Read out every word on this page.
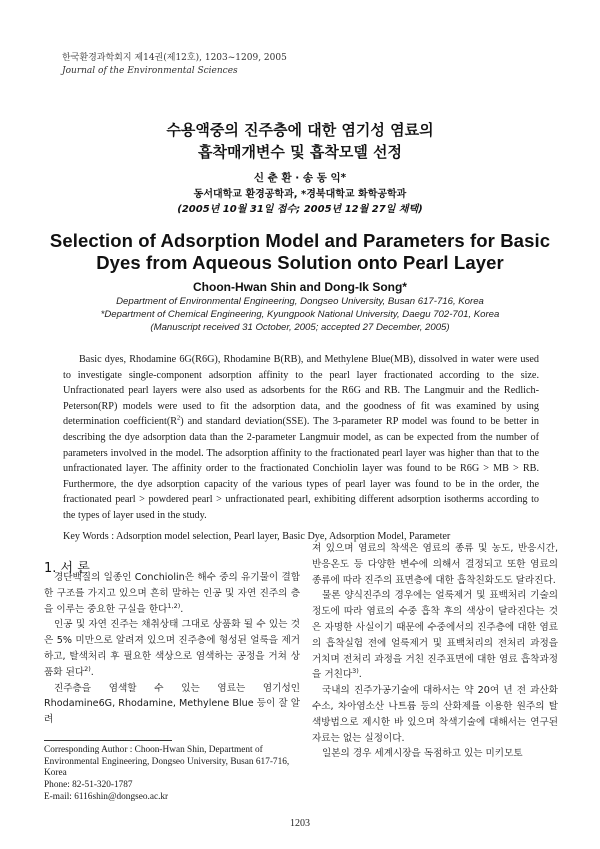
한국환경과학회지 제14권(제12호), 1203~1209, 2005
Journal of the Environmental Sciences
수용액중의 진주층에 대한 염기성 염료의
흡착매개변수 및 흡착모델 선정
신 춘 환 · 송 동 익*
동서대학교 환경공학과, *경북대학교 화학공학과
(2005년 10월 31일 접수; 2005년 12월 27일 채택)
Selection of Adsorption Model and Parameters for Basic
Dyes from Aqueous Solution onto Pearl Layer
Choon-Hwan Shin and Dong-Ik Song*
Department of Environmental Engineering, Dongseo University, Busan 617-716, Korea
*Department of Chemical Engineering, Kyungpook National University, Daegu 702-701, Korea
(Manuscript received 31 October, 2005; accepted 27 December, 2005)
Basic dyes, Rhodamine 6G(R6G), Rhodamine B(RB), and Methylene Blue(MB), dissolved in water were used to investigate single-component adsorption affinity to the pearl layer fractionated according to the size. Unfractionated pearl layers were also used as adsorbents for the R6G and RB. The Langmuir and the Redlich-Peterson(RP) models were used to fit the adsorption data, and the goodness of fit was examined by using determination $coefficient(R^2)$ and standard deviation(SSE). The 3-parameter RP model was found to be better in describing the dye adsorption data than the 2-parameter Langmuir model, as can be expected from the number of parameters involved in the model. The adsorption affinity to the fractionated pearl layer was higher than that to the unfractionated layer. The affinity order to the fractionated Conchiolin layer was found to be R6G > MB > RB. Furthermore, the dye adsorption capacity of the various types of pearl layer was found to be in the order, the fractionated pearl > powdered pearl > unfractionated pearl, exhibiting different adsorption isotherms according to the types of layer used in the study.
Key Words : Adsorption model selection, Pearl layer, Basic Dye, Adsorption Model, Parameter
1. 서 론

경단백질의 일종인 Conchiolin은 해수 중의 유기물이 결합한 구조를 가지고 있으며 흔히 말하는 인공 및 자연 진주의 층을 이루는 중요한 구실을 한다$^{1,2)}$.

인공 및 자연 진주는 채취상태 그대로 상품화 될 수 있는 것은 5% 미만으로 알려져 있으며 진주층에 형성된 얼룩을 제거하고, 탈색처리 후 필요한 색상으로 염색하는 공정을 거쳐 상품화 된다$^{2)}$.

진주층을 염색할 수 있는 염료는 염기성인 Rhodamine6G, Rhodamine, Methylene Blue 등이 잘 알려

져 있으며 염료의 착색은 염료의 종류 및 농도, 반응시간, 반응온도 등 다양한 변수에 의해서 결정되고 또한 염료의 종류에 따라 진주의 표면층에 대한 흡착친화도도 달라진다.

물론 양식진주의 경우에는 얼룩제거 및 표백처리 기술의 정도에 따라 염료의 수중 흡착 후의 색상이 달라진다는 것은 자명한 사실이기 때문에 수중에서의 진주층에 대한 염료의 흡착실험 전에 얼룩제거 및 표백처리의 전처리 과정을 거치며 전처리 과정을 거친 진주표면에 대한 염료 흡착과정을 거친다$^{3)}$.

국내의 진주가공기술에 대하서는 약 20여 년 전 과산화수소, 차아염소산 나트륨 등의 산화제를 이용한 원주의 탈색방법으로 제시한 바 있으며 착색기술에 대해서는 연구된 자료는 없는 실정이다.

일본의 경우 세계시장을 독점하고 있는 미키모토

Corresponding Author : Choon-Hwan Shin, Department of Environmental Engineering, Dongseo University, Busan 617-716, Korea
Phone: 82-51-320-1787
E-mail: 6116shin@dongseo.ac.kr
1203
